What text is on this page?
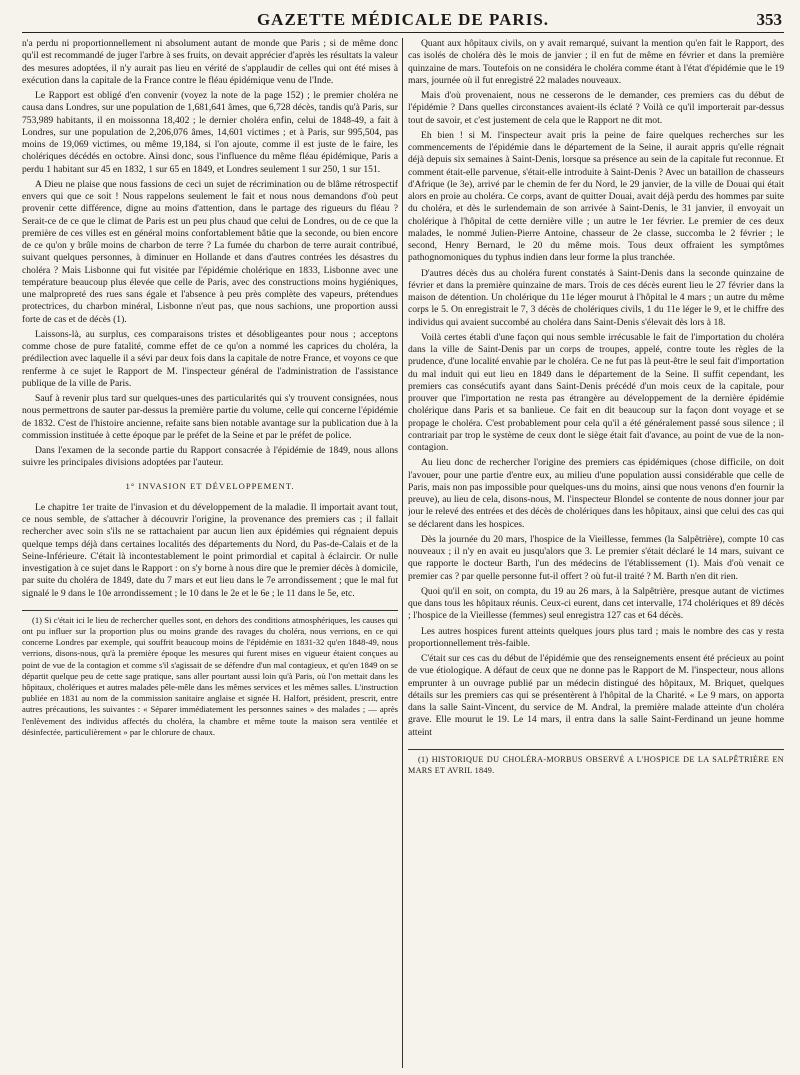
GAZETTE MÉDICALE DE PARIS.	353

n'a perdu ni proportionnellement ni absolument autant de monde que Paris ; si de même donc qu'il est recommandé de juger l'arbre à ses fruits, on devait apprécier d'après les résultats la valeur des mesures adoptées, il n'y aurait pas lieu en vérité de s'applaudir de celles qui ont été mises à exécution dans la capitale de la France contre le fléau épidémique venu de l'Inde.

Le Rapport est obligé d'en convenir (voyez la note de la page 152) ; le premier choléra ne causa dans Londres, sur une population de 1,681,641 âmes, que 6,728 décès, tandis qu'à Paris, sur 753,989 habitants, il en moissonna 18,402 ; le dernier choléra enfin, celui de 1848-49, a fait à Londres, sur une population de 2,206,076 âmes, 14,601 victimes ; et à Paris, sur 995,504, pas moins de 19,069 victimes, ou même 19,184, si l'on ajoute, comme il est juste de le faire, les cholériques décédés en octobre. Ainsi donc, sous l'influence du même fléau épidémique, Paris a perdu 1 habitant sur 45 en 1832, 1 sur 65 en 1849, et Londres seulement 1 sur 250, 1 sur 151.

A Dieu ne plaise que nous fassions de ceci un sujet de récrimination ou de blâme rétrospectif envers qui que ce soit ! Nous rappelons seulement le fait et nous nous demandons d'où peut provenir cette différence, digne au moins d'attention, dans le partage des rigueurs du fléau ? Serait-ce de ce que le climat de Paris est un peu plus chaud que celui de Londres, ou de ce que la première de ces villes est en général moins confortablement bâtie que la seconde, ou bien encore de ce qu'on y brûle moins de charbon de terre ? La fumée du charbon de terre aurait contribué, suivant quelques personnes, à diminuer en Hollande et dans d'autres contrées les désastres du choléra ? Mais Lisbonne qui fut visitée par l'épidémie cholérique en 1833, Lisbonne avec une température beaucoup plus élevée que celle de Paris, avec des constructions moins hygiéniques, une malpropreté des rues sans égale et l'absence à peu près complète des vapeurs, prétendues protectrices, du charbon minéral, Lisbonne n'eut pas, que nous sachions, une proportion aussi forte de cas et de décès (1).

Laissons-là, au surplus, ces comparaisons tristes et désobligeantes pour nous ; acceptons comme chose de pure fatalité, comme effet de ce qu'on a nommé les caprices du choléra, la prédilection avec laquelle il a sévi par deux fois dans la capitale de notre France, et voyons ce que renferme à ce sujet le Rapport de M. l'inspecteur général de l'administration de l'assistance publique de la ville de Paris.

Sauf à revenir plus tard sur quelques-unes des particularités qui s'y trouvent consignées, nous nous permettrons de sauter par-dessus la première partie du volume, celle qui concerne l'épidémie de 1832. C'est de l'histoire ancienne, refaite sans bien notable avantage sur la publication due à la commission instituée à cette époque par le préfet de la Seine et par le préfet de police.

Dans l'examen de la seconde partie du Rapport consacrée à l'épidémie de 1849, nous allons suivre les principales divisions adoptées par l'auteur.

1° INVASION ET DÉVELOPPEMENT.

Le chapitre 1er traite de l'invasion et du développement de la maladie. Il importait avant tout, ce nous semble, de s'attacher à découvrir l'origine, la provenance des premiers cas ; il fallait rechercher avec soin s'ils ne se rattachaient par aucun lien aux épidémies qui régnaient depuis quelque temps déjà dans certaines localités des départements du Nord, du Pas-de-Calais et de la Seine-Inférieure. C'était là incontestablement le point primordial et capital à éclaircir. Or nulle investigation à ce sujet dans le Rapport : on s'y borne à nous dire que le premier décès à domicile, par suite du choléra de 1849, date du 7 mars et eut lieu dans le 7e arrondissement ; que le mal fut signalé le 9 dans le 10e arrondissement ; le 10 dans le 2e et le 6e ; le 11 dans le 5e, etc.

(1) Si c'était ici le lieu de rechercher quelles sont, en dehors des conditions atmosphériques, les causes qui ont pu influer sur la proportion plus ou moins grande des ravages du choléra, nous verrions, en ce qui concerne Londres par exemple, qui souffrit beaucoup moins de l'épidémie en 1831-32 qu'en 1848-49, nous verrions, disons-nous, qu'à la première époque les mesures qui furent mises en vigueur étaient conçues au point de vue de la contagion et comme s'il s'agissait de se défendre d'un mal contagieux, et qu'en 1849 on se départit quelque peu de cette sage pratique, sans aller pourtant aussi loin qu'à Paris, où l'on mettait dans les hôpitaux, cholériques et autres malades pêle-mêle dans les mêmes services et les mêmes salles. L'instruction publiée en 1831 au nom de la commission sanitaire anglaise et signée H. Halfort, président, prescrit, entre autres précautions, les suivantes : « Séparer immédiatement les personnes saines » des malades ; — après l'enlèvement des individus affectés du choléra, la chambre et même toute la maison sera ventilée et désinfectée, particulièrement » par le chlorure de chaux.

Quant aux hôpitaux civils, on y avait remarqué, suivant la mention qu'en fait le Rapport, des cas isolés de choléra dès le mois de janvier ; il en fut de même en février et dans la première quinzaine de mars. Toutefois on ne considéra le choléra comme étant à l'état d'épidémie que le 19 mars, journée où il fut enregistré 22 malades nouveaux.

Mais d'où provenaient, nous ne cesserons de le demander, ces premiers cas du début de l'épidémie ? Dans quelles circonstances avaient-ils éclaté ? Voilà ce qu'il importerait par-dessus tout de savoir, et c'est justement de cela que le Rapport ne dit mot.

Eh bien ! si M. l'inspecteur avait pris la peine de faire quelques recherches sur les commencements de l'épidémie dans le département de la Seine, il aurait appris qu'elle régnait déjà depuis six semaines à Saint-Denis, lorsque sa présence au sein de la capitale fut reconnue. Et comment était-elle parvenue, s'était-elle introduite à Saint-Denis ? Avec un bataillon de chasseurs d'Afrique (le 3e), arrivé par le chemin de fer du Nord, le 29 janvier, de la ville de Douai qui était alors en proie au choléra. Ce corps, avant de quitter Douai, avait déjà perdu des hommes par suite du choléra, et dès le surlendemain de son arrivée à Saint-Denis, le 31 janvier, il envoyait un cholérique à l'hôpital de cette dernière ville ; un autre le 1er février. Le premier de ces deux malades, le nommé Julien-Pierre Antoine, chasseur de 2e classe, succomba le 2 février ; le second, Henry Bernard, le 20 du même mois. Tous deux offraient les symptômes pathognomoniques du typhus indien dans leur forme la plus tranchée.

D'autres décès dus au choléra furent constatés à Saint-Denis dans la seconde quinzaine de février et dans la première quinzaine de mars. Trois de ces décès eurent lieu le 27 février dans la maison de détention. Un cholérique du 11e léger mourut à l'hôpital le 4 mars ; un autre du même corps le 5. On enregistrait le 7, 3 décès de cholériques civils, 1 du 11e léger le 9, et le chiffre des individus qui avaient succombé au choléra dans Saint-Denis s'élevait dès lors à 18.

Voilà certes établi d'une façon qui nous semble irrécusable le fait de l'importation du choléra dans la ville de Saint-Denis par un corps de troupes, appelé, contre toute les règles de la prudence, d'une localité envahie par le choléra. Ce ne fut pas là peut-être le seul fait d'importation du mal induit qui eut lieu en 1849 dans le département de la Seine. Il suffit cependant, les premiers cas consécutifs ayant dans Saint-Denis précédé d'un mois ceux de la capitale, pour prouver que l'importation ne resta pas étrangère au développement de la dernière épidémie cholérique dans Paris et sa banlieue. Ce fait en dit beaucoup sur la façon dont voyage et se propage le choléra. C'est probablement pour cela qu'il a été généralement passé sous silence ; il contrariait par trop le système de ceux dont le siège était fait d'avance, au point de vue de la non-contagion.

Au lieu donc de rechercher l'origine des premiers cas épidémiques (chose difficile, on doit l'avouer, pour une partie d'entre eux, au milieu d'une population aussi considérable que celle de Paris, mais non pas impossible pour quelques-uns du moins, ainsi que nous venons d'en fournir la preuve), au lieu de cela, disons-nous, M. l'inspecteur Blondel se contente de nous donner jour par jour le relevé des entrées et des décès de cholériques dans les hôpitaux, ainsi que celui des cas qui se déclarent dans les hospices.

Dès la journée du 20 mars, l'hospice de la Vieillesse, femmes (la Salpêtrière), compte 10 cas nouveaux ; il n'y en avait eu jusqu'alors que 3. Le premier s'était déclaré le 14 mars, suivant ce que rapporte le docteur Barth, l'un des médecins de l'établissement (1). Mais d'où venait ce premier cas ? par quelle personne fut-il offert ? où fut-il traité ? M. Barth n'en dit rien.

Quoi qu'il en soit, on compta, du 19 au 26 mars, à la Salpêtrière, presque autant de victimes que dans tous les hôpitaux réunis. Ceux-ci eurent, dans cet intervalle, 174 cholériques et 89 décès ; l'hospice de la Vieillesse (femmes) seul enregistra 127 cas et 64 décès.

Les autres hospices furent atteints quelques jours plus tard ; mais le nombre des cas y resta proportionnellement très-faible.

C'était sur ces cas du début de l'épidémie que des renseignements ensent été précieux au point de vue étiologique. A défaut de ceux que ne donne pas le Rapport de M. l'inspecteur, nous allons emprunter à un ouvrage publié par un médecin distingué des hôpitaux, M. Briquet, quelques détails sur les premiers cas qui se présentèrent à l'hôpital de la Charité. « Le 9 mars, on apporta dans la salle Saint-Vincent, du service de M. Andral, la première malade atteinte d'un choléra grave. Elle mourut le 19. Le 14 mars, il entra dans la salle Saint-Ferdinand un jeune homme atteint

(1) HISTORIQUE DU CHOLÉRA-MORBUS OBSERVÉ A L'HOSPICE DE LA SALPÊTRIÈRE EN MARS ET AVRIL 1849.
